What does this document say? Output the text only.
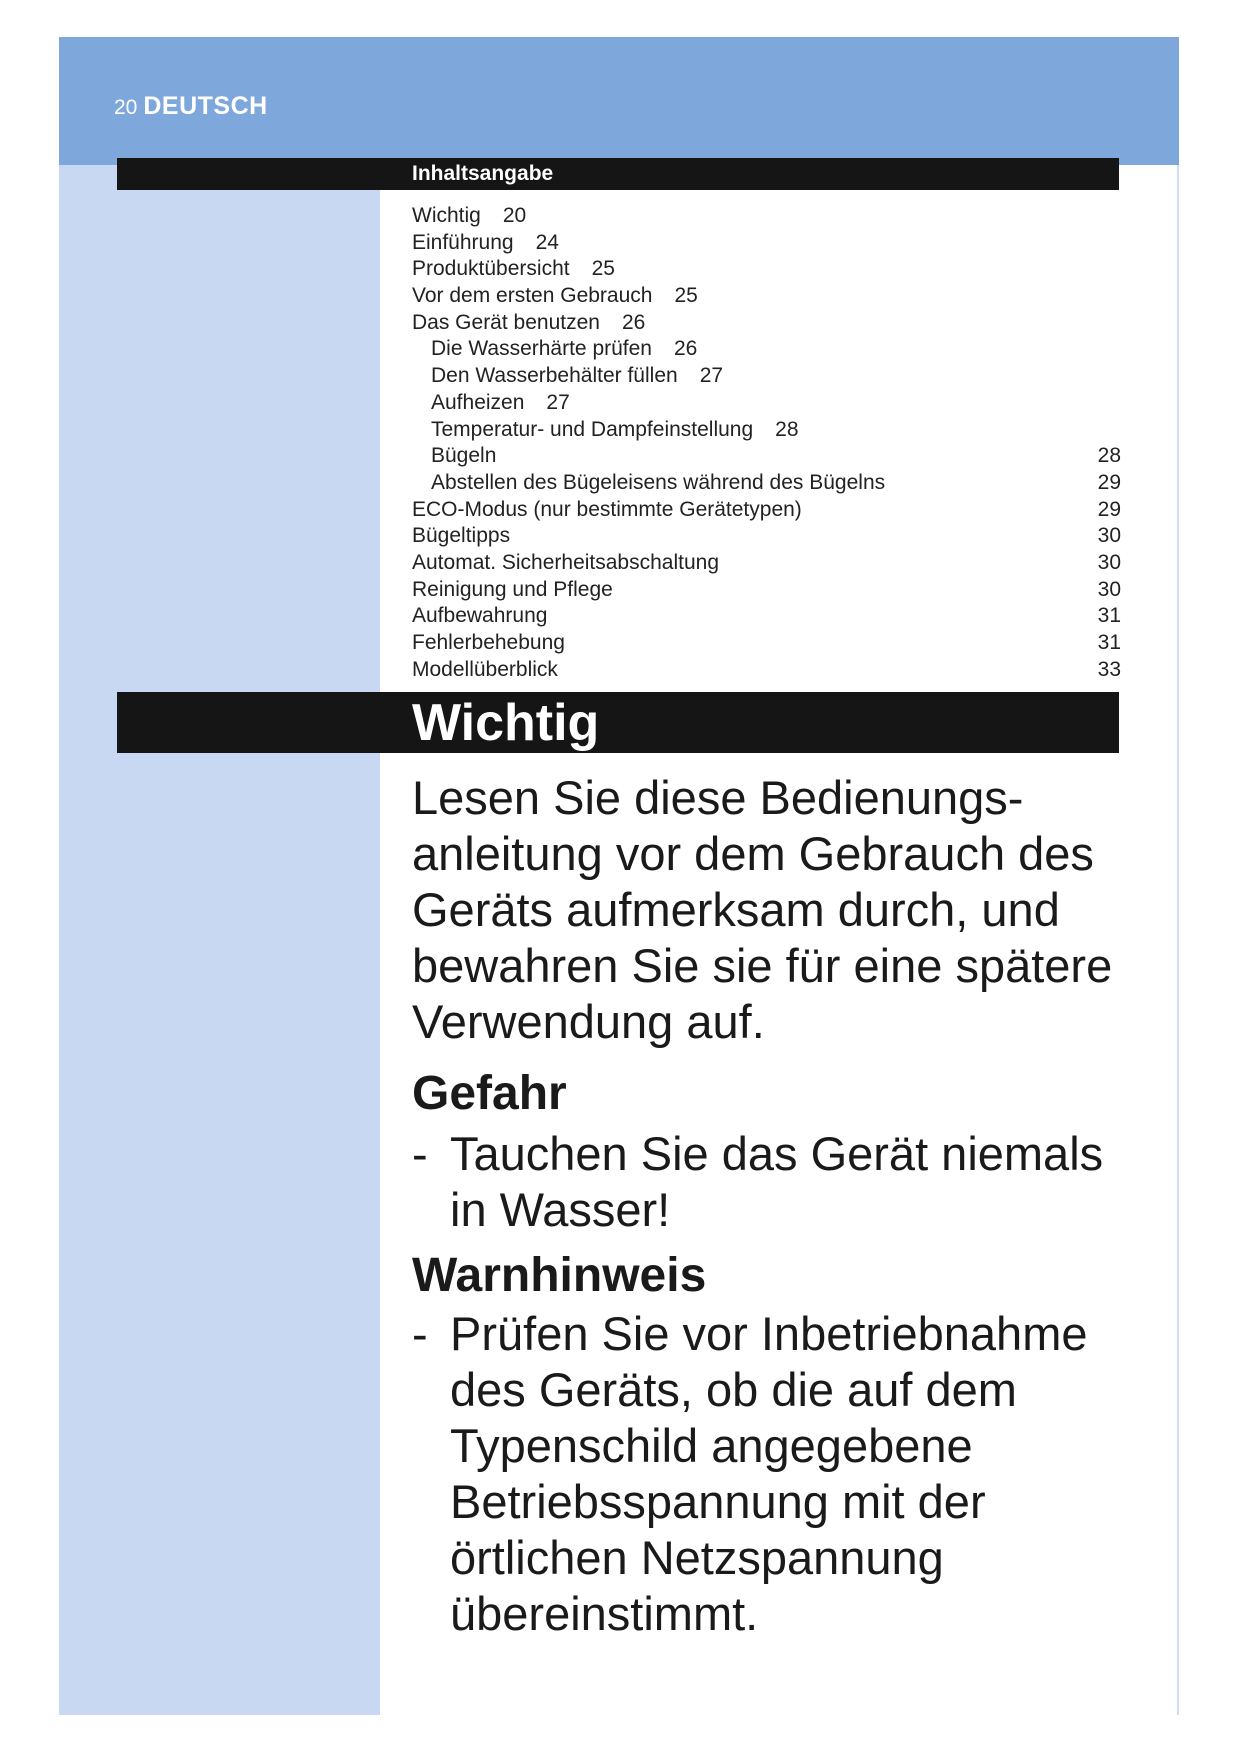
20 DEUTSCH
Inhaltsangabe
Wichtig 20
Einführung 24
Produktübersicht 25
Vor dem ersten Gebrauch 25
Das Gerät benutzen 26
Die Wasserhärte prüfen 26
Den Wasserbehälter füllen 27
Aufheizen 27
Temperatur- und Dampfeinstellung 28
Bügeln	28
Abstellen des Bügeleisens während des Bügelns	29
ECO-Modus (nur bestimmte Gerätetypen)	29
Bügeltipps	30
Automat. Sicherheitsabschaltung	30
Reinigung und Pflege	30
Aufbewahrung	31
Fehlerbehebung	31
Modellüberblick	33
Wichtig

Lesen Sie diese Bedienungs-anleitung vor dem Gebrauch des Geräts aufmerksam durch, und bewahren Sie sie für eine spätere Verwendung auf.

Gefahr

- Tauchen Sie das Gerät niemals in Wasser!

Warnhinweis

- Prüfen Sie vor Inbetriebnahme des Geräts, ob die auf dem Typenschild angegebene Betriebsspannung mit der örtlichen Netzspannung übereinstimmt.
